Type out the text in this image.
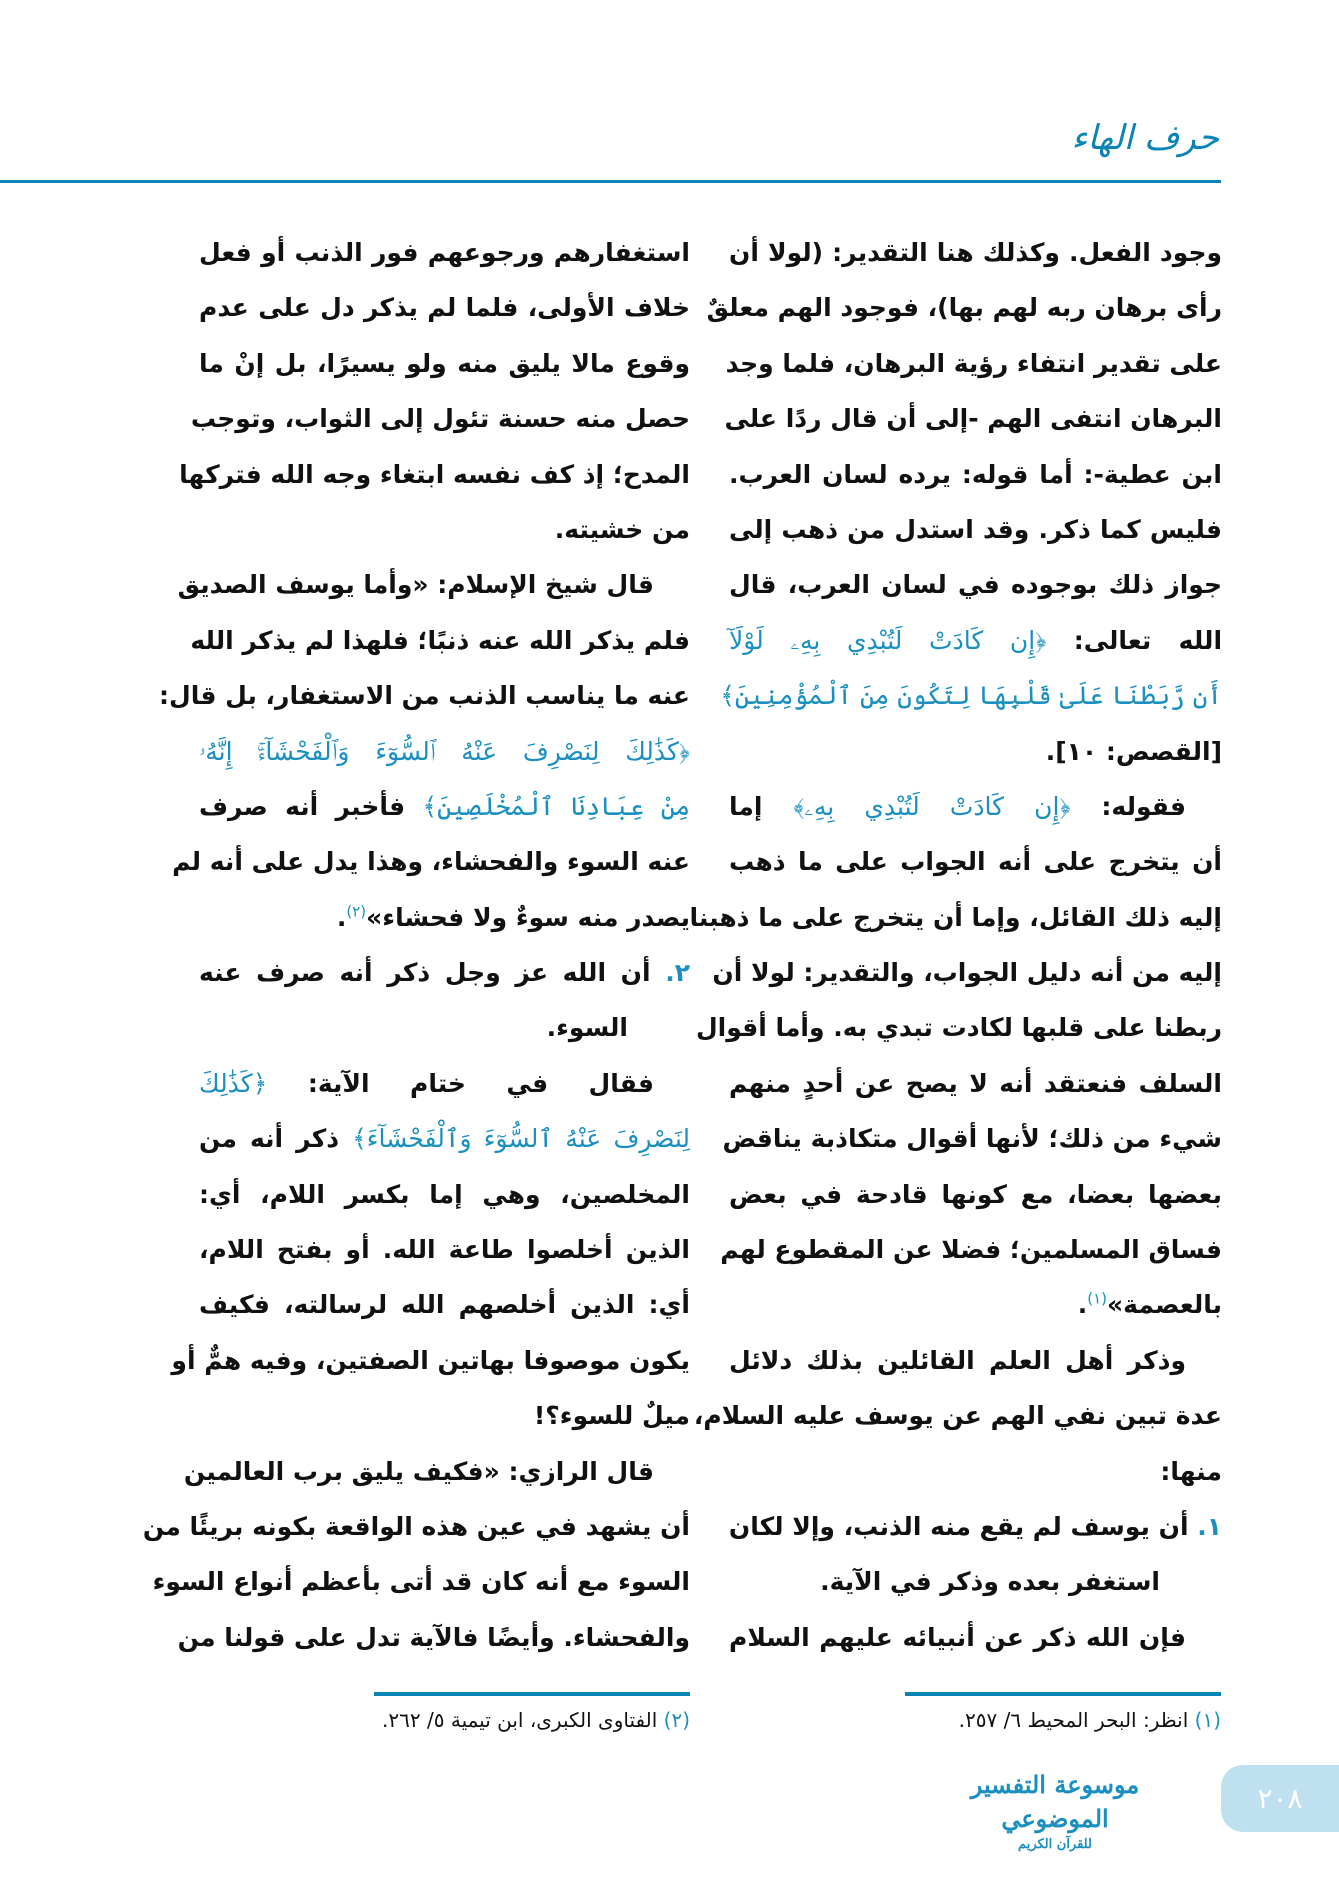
حرف الهاء
وجود الفعل. وكذلك هنا التقدير: (لولا أن
رأى برهان ربه لهم بها)، فوجود الهم معلقٌ
على تقدير انتفاء رؤية البرهان، فلما وجد
البرهان انتفى الهم -إلى أن قال ردًا على
ابن عطية-: أما قوله: يرده لسان العرب.
فليس كما ذكر. وقد استدل من ذهب إلى
جواز ذلك بوجوده في لسان العرب، قال
الله تعالى: ﴿إِن كَادَتْ لَتُبْدِي بِهِۦ لَوْلَآ
أَن رَّبَطْنَا عَلَىٰ قَلْبِهَا لِتَكُونَ مِنَ ٱلْمُؤْمِنِينَ﴾
[القصص: ١٠].
فقوله: ﴿إِن كَادَتْ لَتُبْدِي بِهِۦ﴾ إما
أن يتخرج على أنه الجواب على ما ذهب
إليه ذلك القائل، وإما أن يتخرج على ما ذهبنا
إليه من أنه دليل الجواب، والتقدير: لولا أن
ربطنا على قلبها لكادت تبدي به. وأما أقوال
السلف فنعتقد أنه لا يصح عن أحدٍ منهم
شيء من ذلك؛ لأنها أقوال متكاذبة يناقض
بعضها بعضا، مع كونها قادحة في بعض
فساق المسلمين؛ فضلا عن المقطوع لهم
بالعصمة»$^{(١)}$.
وذكر أهل العلم القائلين بذلك دلائل
عدة تبين نفي الهم عن يوسف عليه السلام،
منها:
١. أن يوسف لم يقع منه الذنب، وإلا لكان
استغفر بعده وذكر في الآية.
فإن الله ذكر عن أنبيائه عليهم السلام
استغفارهم ورجوعهم فور الذنب أو فعل
خلاف الأولى، فلما لم يذكر دل على عدم
وقوع مالا يليق منه ولو يسيرًا، بل إنْ ما
حصل منه حسنة تئول إلى الثواب، وتوجب
المدح؛ إذ كف نفسه ابتغاء وجه الله فتركها
من خشيته.
قال شيخ الإسلام: «وأما يوسف الصديق
فلم يذكر الله عنه ذنبًا؛ فلهذا لم يذكر الله
عنه ما يناسب الذنب من الاستغفار، بل قال:
﴿كَذَٰلِكَ لِنَصْرِفَ عَنْهُ ٱلسُّوٓءَ وَٱلْفَحْشَآءَۚ إِنَّهُۥ
مِنْ عِبَادِنَا ٱلْمُخْلَصِينَ﴾ فأخبر أنه صرف
عنه السوء والفحشاء، وهذا يدل على أنه لم
يصدر منه سوءٌ ولا فحشاء»$^{(٢)}$.
٢. أن الله عز وجل ذكر أنه صرف عنه
السوء.
فقال في ختام الآية: ﴿كَذَٰلِكَ
لِنَصْرِفَ عَنْهُ ٱلسُّوٓءَ وَٱلْفَحْشَآءَ﴾ ذكر أنه من
المخلصين، وهي إما بكسر اللام، أي:
الذين أخلصوا طاعة الله. أو بفتح اللام،
أي: الذين أخلصهم الله لرسالته، فكيف
يكون موصوفا بهاتين الصفتين، وفيه همٌّ أو
ميلٌ للسوء؟!
قال الرازي: «فكيف يليق برب العالمين
أن يشهد في عين هذه الواقعة بكونه بريئًا من
السوء مع أنه كان قد أتى بأعظم أنواع السوء
والفحشاء. وأيضًا فالآية تدل على قولنا من
(١) انظر: البحر المحيط ٦/ ٢٥٧.
(٢) الفتاوى الكبرى، ابن تيمية ٥/ ٢٦٢.
موسوعة التفسير الموضوعي
للقرآن الكريم
٢٠٨
